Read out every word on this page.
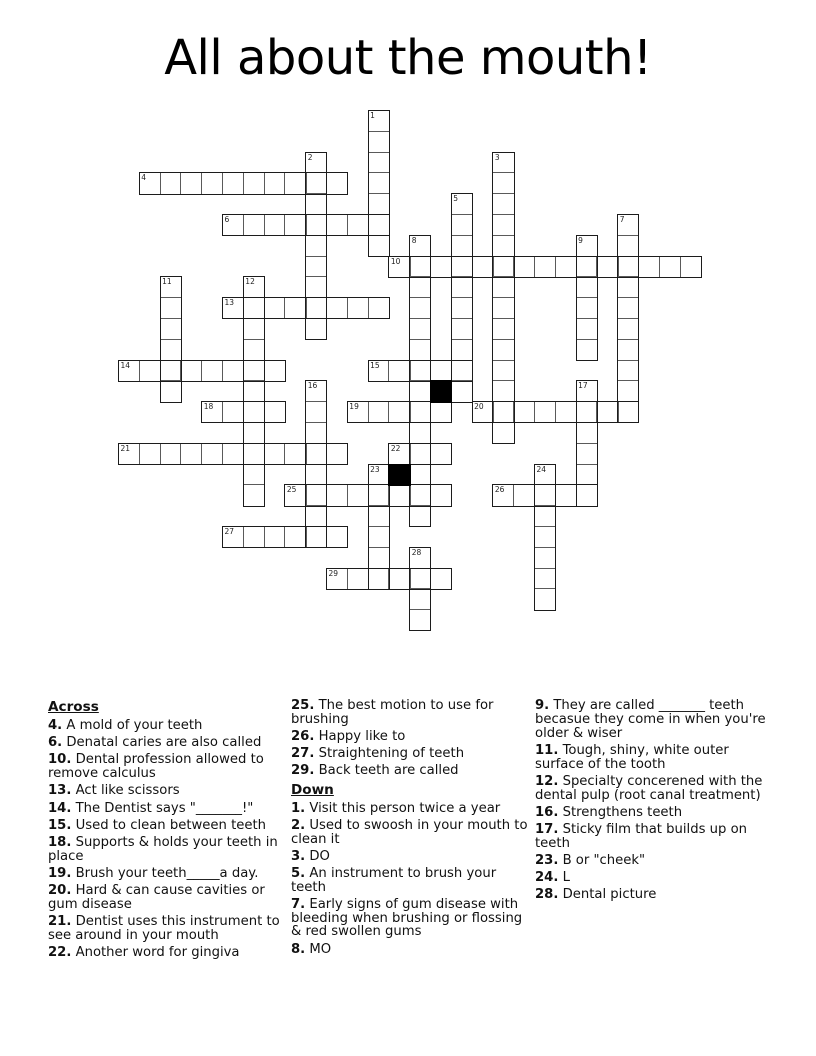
All about the mouth!
1
2	3
4
5
6	7
8	9
10
11	12
13
14	15
16	17
18	19	20
21	22
23	24
25	26
27
28
29

Across

4. A mold of your teeth

6. Denatal caries are also called

10. Dental profession allowed to remove calculus

13. Act like scissors

14. The Dentist says "_______!"

15. Used to clean between teeth

18. Supports & holds your teeth in place

19. Brush your teeth_____a day.

20. Hard & can cause cavities or gum disease

21. Dentist uses this instrument to see around in your mouth

22. Another word for gingiva

25. The best motion to use for brushing

26. Happy like to

27. Straightening of teeth

29. Back teeth are called

Down

1. Visit this person twice a year

2. Used to swoosh in your mouth to clean it

3. DO

5. An instrument to brush your teeth

7. Early signs of gum disease with bleeding when brushing or flossing & red swollen gums

8. MO

9. They are called _______ teeth becasue they come in when you're older & wiser

11. Tough, shiny, white outer surface of the tooth

12. Specialty concerened with the dental pulp (root canal treatment)

16. Strengthens teeth

17. Sticky film that builds up on teeth

23. B or "cheek"

24. L

28. Dental picture
